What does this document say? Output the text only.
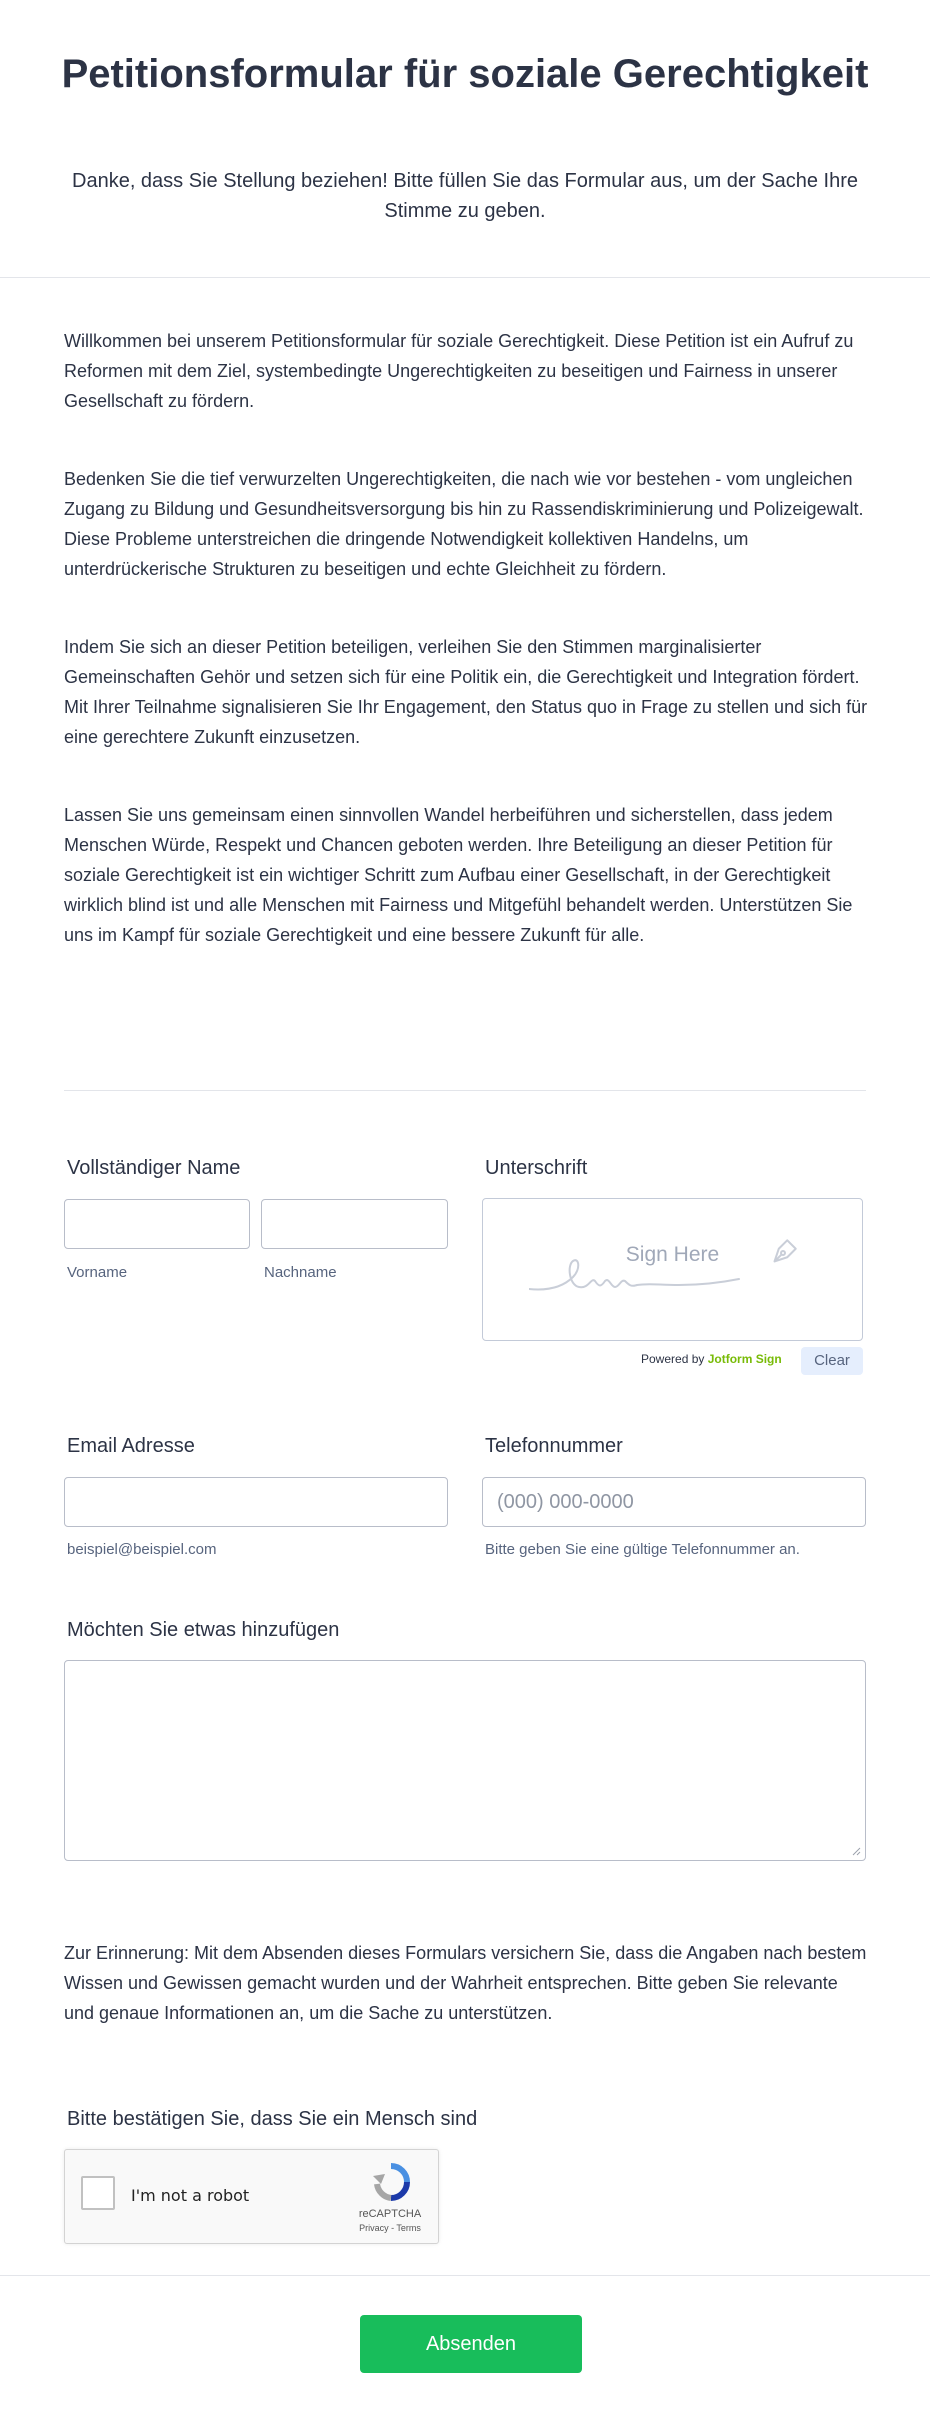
Petitionsformular für soziale Gerechtigkeit
Danke, dass Sie Stellung beziehen! Bitte füllen Sie das Formular aus, um der Sache Ihre Stimme zu geben.

Willkommen bei unserem Petitionsformular für soziale Gerechtigkeit. Diese Petition ist ein Aufruf zu Reformen mit dem Ziel, systembedingte Ungerechtigkeiten zu beseitigen und Fairness in unserer Gesellschaft zu fördern.

Bedenken Sie die tief verwurzelten Ungerechtigkeiten, die nach wie vor bestehen - vom ungleichen Zugang zu Bildung und Gesundheitsversorgung bis hin zu Rassendiskriminierung und Polizeigewalt. Diese Probleme unterstreichen die dringende Notwendigkeit kollektiven Handelns, um unterdrückerische Strukturen zu beseitigen und echte Gleichheit zu fördern.

Indem Sie sich an dieser Petition beteiligen, verleihen Sie den Stimmen marginalisierter Gemeinschaften Gehör und setzen sich für eine Politik ein, die Gerechtigkeit und Integration fördert. Mit Ihrer Teilnahme signalisieren Sie Ihr Engagement, den Status quo in Frage zu stellen und sich für eine gerechtere Zukunft einzusetzen.

Lassen Sie uns gemeinsam einen sinnvollen Wandel herbeiführen und sicherstellen, dass jedem Menschen Würde, Respekt und Chancen geboten werden. Ihre Beteiligung an dieser Petition für soziale Gerechtigkeit ist ein wichtiger Schritt zum Aufbau einer Gesellschaft, in der Gerechtigkeit wirklich blind ist und alle Menschen mit Fairness und Mitgefühl behandelt werden. Unterstützen Sie uns im Kampf für soziale Gerechtigkeit und eine bessere Zukunft für alle.

Vollständiger Name
Vorname	Nachname
Unterschrift
Sign Here
Powered by Jotform Sign	Clear
Email Adresse
beispiel@beispiel.com
Telefonnummer
(000) 000-0000
Bitte geben Sie eine gültige Telefonnummer an.
Möchten Sie etwas hinzufügen
Zur Erinnerung: Mit dem Absenden dieses Formulars versichern Sie, dass die Angaben nach bestem Wissen und Gewissen gemacht wurden und der Wahrheit entsprechen. Bitte geben Sie relevante und genaue Informationen an, um die Sache zu unterstützen.
Bitte bestätigen Sie, dass Sie ein Mensch sind
I'm not a robot
reCAPTCHA
Privacy - Terms
Absenden
